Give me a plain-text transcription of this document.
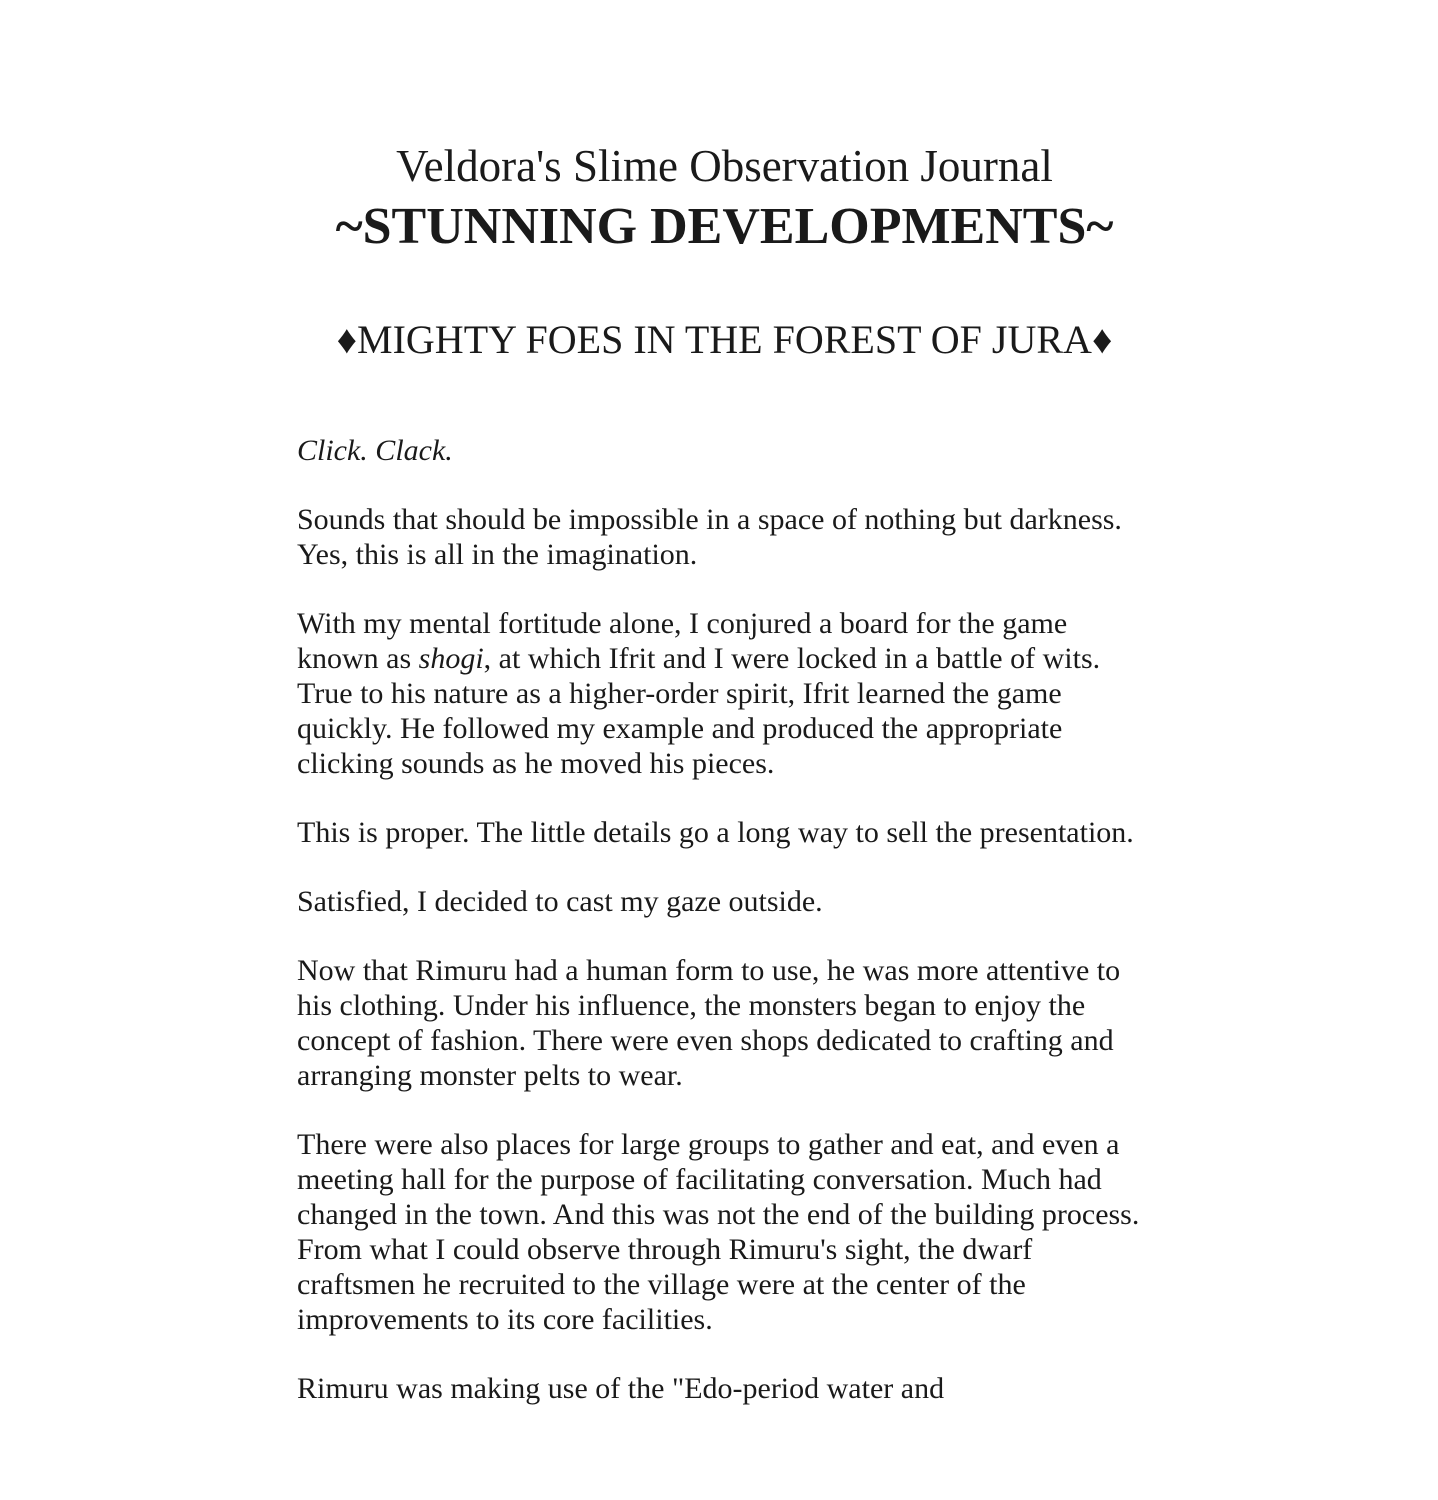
Veldora's Slime Observation Journal
~STUNNING DEVELOPMENTS~
♦MIGHTY FOES IN THE FOREST OF JURA♦

Click. Clack.

Sounds that should be impossible in a space of nothing but darkness. Yes, this is all in the imagination.

With my mental fortitude alone, I conjured a board for the game known as shogi, at which Ifrit and I were locked in a battle of wits. True to his nature as a higher-order spirit, Ifrit learned the game quickly. He followed my example and produced the appropriate clicking sounds as he moved his pieces.

This is proper. The little details go a long way to sell the presentation.

Satisfied, I decided to cast my gaze outside.

Now that Rimuru had a human form to use, he was more attentive to his clothing. Under his influence, the monsters began to enjoy the concept of fashion. There were even shops dedicated to crafting and arranging monster pelts to wear.

There were also places for large groups to gather and eat, and even a meeting hall for the purpose of facilitating conversation. Much had changed in the town. And this was not the end of the building process. From what I could observe through Rimuru's sight, the dwarf craftsmen he recruited to the village were at the center of the improvements to its core facilities.

Rimuru was making use of the "Edo-period water and
